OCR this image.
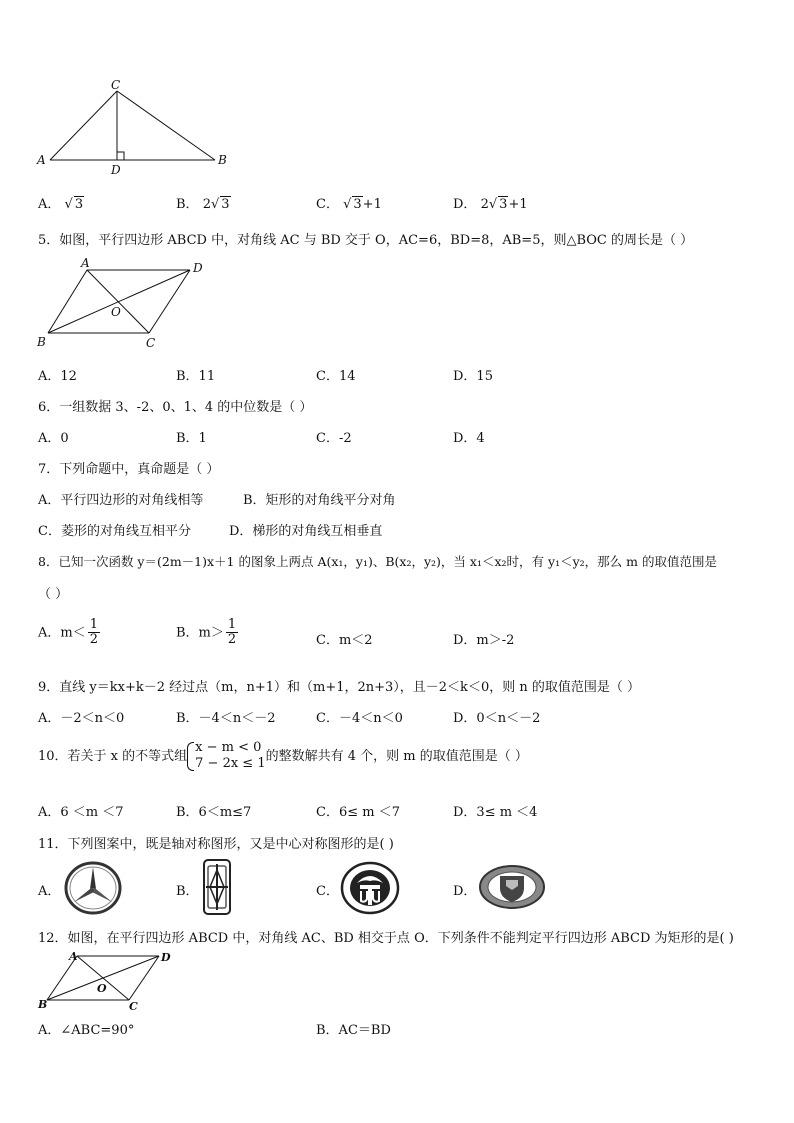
C
A	B
D
A． √ 3	B． 2√ 3	C． √ 3+1	D． 2√ 3+1
5．如图，平行四边形 ABCD 中，对角线 AC 与 BD 交于 O，AC=6，BD=8，AB=5，则△BOC 的周长是（ ）
A	D
B	C
O
A．12	B．11	C．14	D．15
6．一组数据 3、-2、0、1、4 的中位数是（ ）
A．0	B．1	C．-2	D．4
7．下列命题中，真命题是（ ）
A．平行四边形的对角线相等	B．矩形的对角线平分对角
C．菱形的对角线互相平分	D．梯形的对角线互相垂直
8．已知一次函数 y＝(2m－1)x＋1 的图象上两点 A(x₁，y₁)、B(x₂，y₂)，当 x₁＜x₂时，有 y₁＜y₂，那么 m 的取值范围是
（ ）
A．$m< \frac{1}{2}$	B．$m> \frac{1}{2}$	C．m＜2	D．m＞-2
9．直线 y＝kx+k－2 经过点（m，n+1）和（m+1，2n+3），且－2＜k＜0，则 n 的取值范围是（ ）
A．－2＜n＜0	B．－4＜n＜－2	C．－4＜n＜0	D．0＜n＜－2
10．若关于 x 的不等式组
x − m < 0
7 − 2x ≤ 1 的整数解共有 4 个，则 m 的取值范围是（ ）
A．6 ＜m ＜7	B．6＜m≤7	C．6≤ m ＜7	D．3≤ m ＜4
11．下列图案中，既是轴对称图形，又是中心对称图形的是( )
A．	B．	C．	D．
12．如图，在平行四边形 ABCD 中，对角线 AC、BD 相交于点 O．下列条件不能判定平行四边形 ABCD 为矩形的是( )
A	D
B	C
O
A．∠ABC=90°	B．AC＝BD
